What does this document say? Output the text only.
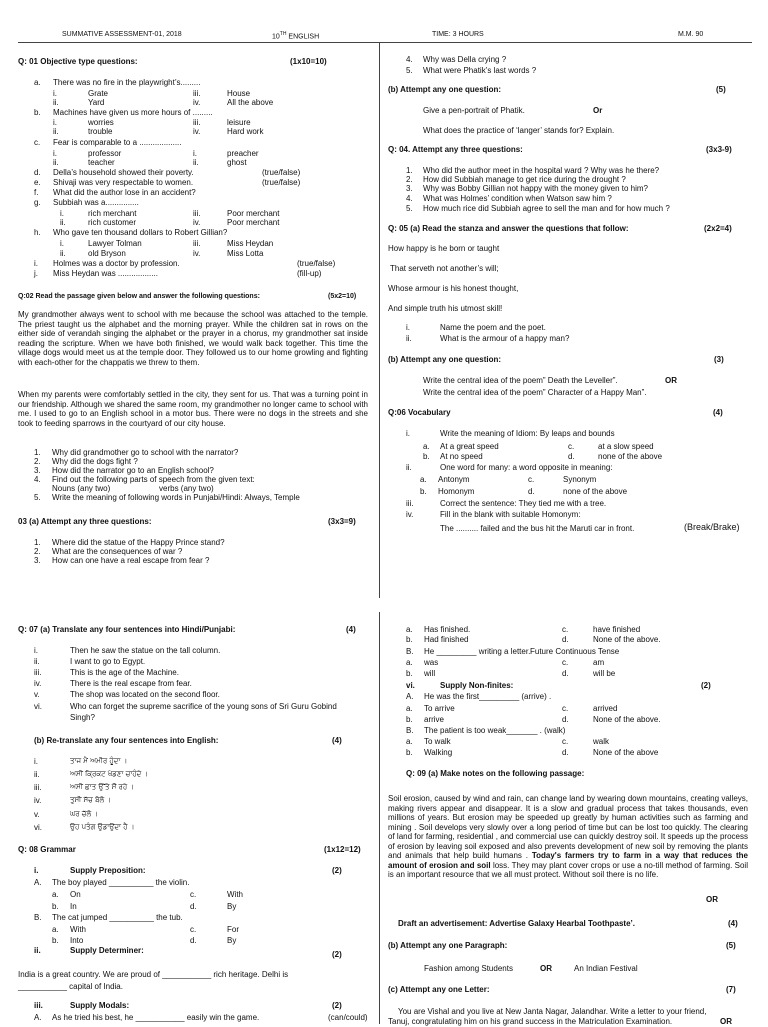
SUMMATIVE ASSESSMENT-01, 2018	10TH ENGLISH	TIME: 3 HOURS	M.M. 90
Q: 01 Objective type questions:	(1x10=10)
a. There was no fire in the playwright’s.........
i.	Grate	iii.	House
ii.	Yard	iv.	All the above
b. Machines have given us more hours of .........
i.	worries	iii.	leisure
ii.	trouble	iv.	Hard work
c. Fear is comparable to a ...................
i.	professor	i.	preacher
ii.	teacher	ii.	ghost
d. Della’s household showed their poverty.	(true/false)
e. Shivaji was very respectable to women.	(true/false)
f. What did the author lose in an accident?
g. Subbiah was a...............
i.	rich merchant	iii.	Poor merchant
ii.	rich customer	iv.	Poor merchant
h. Who gave ten thousand dollars to Robert Gillian?
i.	Lawyer Tolman	iii.	Miss Heydan
ii.	old Bryson	iv.	Miss Lotta
i. Holmes was a doctor by profession.	(true/false)
j. Miss Heydan was ..................	(fill-up)
Q:02 Read the passage given below and answer the following questions:	(5x2=10)
My grandmother always went to school with me because the school was attached to the temple. The priest taught us the alphabet and the morning prayer. While the children sat in rows on the either side of verandah singing the alphabet or the prayer in a chorus, my grandmother sat inside reading the scripture. When we have both finished, we would walk back together. This time the village dogs would meet us at the temple door. They followed us to our home growling and fighting with each-other for the chappatis we threw to them.
When my parents were comfortably settled in the city, they sent for us. That was a turning point in our friendship. Although we shared the same room, my grandmother no longer came to school with me. I used to go to an English school in a motor bus. There were no dogs in the streets and she took to feeding sparrows in the courtyard of our city house.
1. Why did grandmother go to school with the narrator?
2. Why did the dogs fight ?
3. How did the narrator go to an English school?
4. Find out the following parts of speech from the given text:
Nouns (any two)	verbs (any two)
5. Write the meaning of following words in Punjabi/Hindi: Always, Temple
03 (a) Attempt any three questions:	(3x3=9)
1. Where did the statue of the Happy Prince stand?
2. What are the consequences of war ?
3. How can one have a real escape from fear ?
4. Why was Della crying ?
5. What were Phatik’s last words ?
(b) Attempt any one question:	(5)
Give a pen-portrait of Phatik.	Or
What does the practice of ‘langer’ stands for? Explain.
Q: 04. Attempt any three questions:	(3x3-9)
1. Who did the author meet in the hospital ward ? Why was he there?
2. How did Subbiah manage to get rice during the drought ?
3. Why was Bobby Gillian not happy with the money given to him?
4. What was Holmes’ condition when Watson saw him ?
5. How much rice did Subbiah agree to sell the man and for how much ?
Q: 05 (a) Read the stanza and answer the questions that follow:	(2x2=4)
How happy is he born or taught
That serveth not another’s will;
Whose armour is his honest thought,
And simple truth his utmost skill!
i.	Name the poem and the poet.
ii.	What is the armour of a happy man?
(b) Attempt any one question:	(3)
Write the central idea of the poem” Death the Leveller”.	OR
Write the central idea of the poem” Character of a Happy Man”.
Q:06 Vocabulary	(4)
i.	Write the meaning of Idiom: By leaps and bounds
a. At a great speed	c.	at a slow speed
b. At no speed	d.	none of the above
ii.	One word for many: a word opposite in meaning:
a. Antonym	c.	Synonym
b. Homonym	d.	none of the above
iii.	Correct the sentence: They tied me with a tree.
iv.	Fill in the blank with suitable Homonym:
The .......... failed and the bus hit the Maruti car in front.	(Break/Brake)
Q: 07 (a) Translate any four sentences into Hindi/Punjabi:	(4)
i.	Then he saw the statue on the tall column.
ii.	I want to go to Egypt.
iii.	This is the age of the Machine.
iv.	There is the real escape from fear.
v.	The shop was located on the second floor.
vi.	Who can forget the supreme sacrifice of the young sons of Sri Guru Gobind
Singh?
(b) Re-translate any four sentences into English:	(4)
i.	ਤਾਜ ਮੈਂ ਅਮੀਰ ਹੂੰਦਾ ।
ii.	ਅਸੀਂ ਕਿ੍ਰਕਟ ਖੇਡਣਾ ਚਾਹੰਦੇ ।
iii.	ਅਸੀਂ ਛਾਤ ਉੱਤੇ ਸੌਂ ਰਹੇ ।
iv.	ਤੁਸੀਂ ਸੱਚ ਬੋਲੋ ।
v.	ਘਰ ਚੱਲੋ ।
vi.	ਉਹ ਪਤੰਗ ਉਡਾਉਂਦਾ ਹੈ ।
Q: 08 Grammar	(1x12=12)
i.	Supply Preposition:	(2)
A. The boy played __________ the violin.
a. On	c.	With
b. In	d.	By
B. The cat jumped __________ the tub.
a. With	c.	For
b. Into	d.	By
ii.	Supply Determiner:	(2)
India is a great country. We are proud of ___________ rich heritage. Delhi is
___________ capital of India.
iii.	Supply Modals:	(2)
A. As he tried his best, he ___________ easily win the game.	(can/could)
a. Has finished.	c.	have finished
b. Had finished	d.	None of the above.
B. He _________ writing a letter. Future Continuous Tense
a. was	c.	am
b. will	d.	will be
vi.	Supply Non-finites:	(2)
A. He was the first_________ (arrive) .
a. To arrive	c.	arrived
b. arrive	d.	None of the above.
B. The patient is too weak_______ . (walk)
a. To walk	c.	walk
b. Walking	d.	None of the above
Q: 09 (a) Make notes on the following passage:
Soil erosion, caused by wind and rain, can change land by wearing down mountains, creating valleys, making rivers appear and disappear. It is a slow and gradual process that takes thousands, even millions of years. But erosion may be speeded up greatly by human activities such as farming and mining . Soil develops very slowly over a long period of time but can be lost too quickly. The clearing of land for farming, residential , and commercial use can quickly destroy soil. It speeds up the process of erosion by leaving soil exposed and also prevents development of new soil by removing the plants and animals that help build humans . Today's farmers try to farm in a way that reduces the amount of erosion and soil loss. They may plant cover crops or use a no-till method of farming. Soil is an important resource that we all must protect. Without soil there is no life.
OR
Draft an advertisement: Advertise Galaxy Hearbal Toothpaste’.	(4)
(b) Attempt any one Paragraph:	(5)
Fashion among Students	OR	An Indian Festival
(c) Attempt any one Letter:	(7)
You are Vishal and you live at New Janta Nagar, Jalandhar. Write a letter to your friend,
Tanuj, congratulating him on his grand success in the Matriculation Examination.	OR
